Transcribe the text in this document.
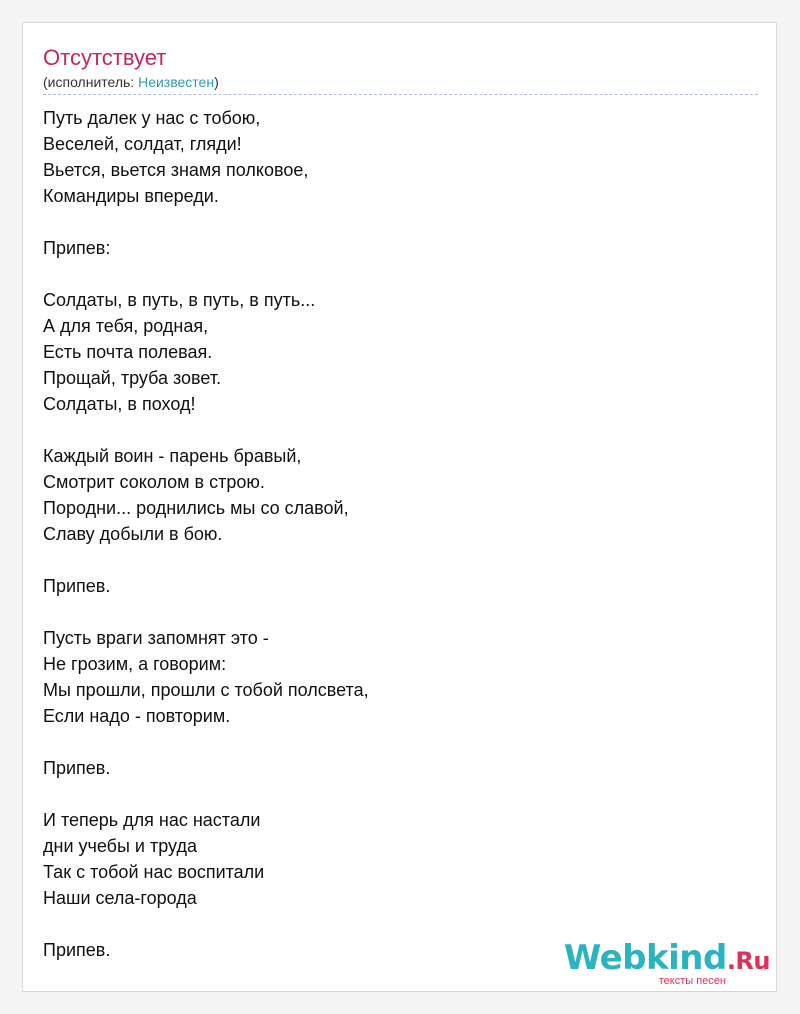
Отсутствует
(исполнитель: Неизвестен)
Путь далек у нас с тобою,
Веселей, солдат, гляди!
Вьется, вьется знамя полковое,
Командиры впереди.

Припев:

Солдаты, в путь, в путь, в путь...
А для тебя, родная,
Есть почта полевая.
Прощай, труба зовет.
Солдаты, в поход!

Каждый воин - парень бравый,
Смотрит соколом в строю.
Породни... роднились мы со славой,
Славу добыли в бою.

Припев.

Пусть враги запомнят это -
Не грозим, а говорим:
Мы прошли, прошли с тобой полсвета,
Если надо - повторим.

Припев.

И теперь для нас настали
дни учебы и труда
Так с тобой нас воспитали
Наши села-города

Припев.	Webkind.Ru
тексты песен
